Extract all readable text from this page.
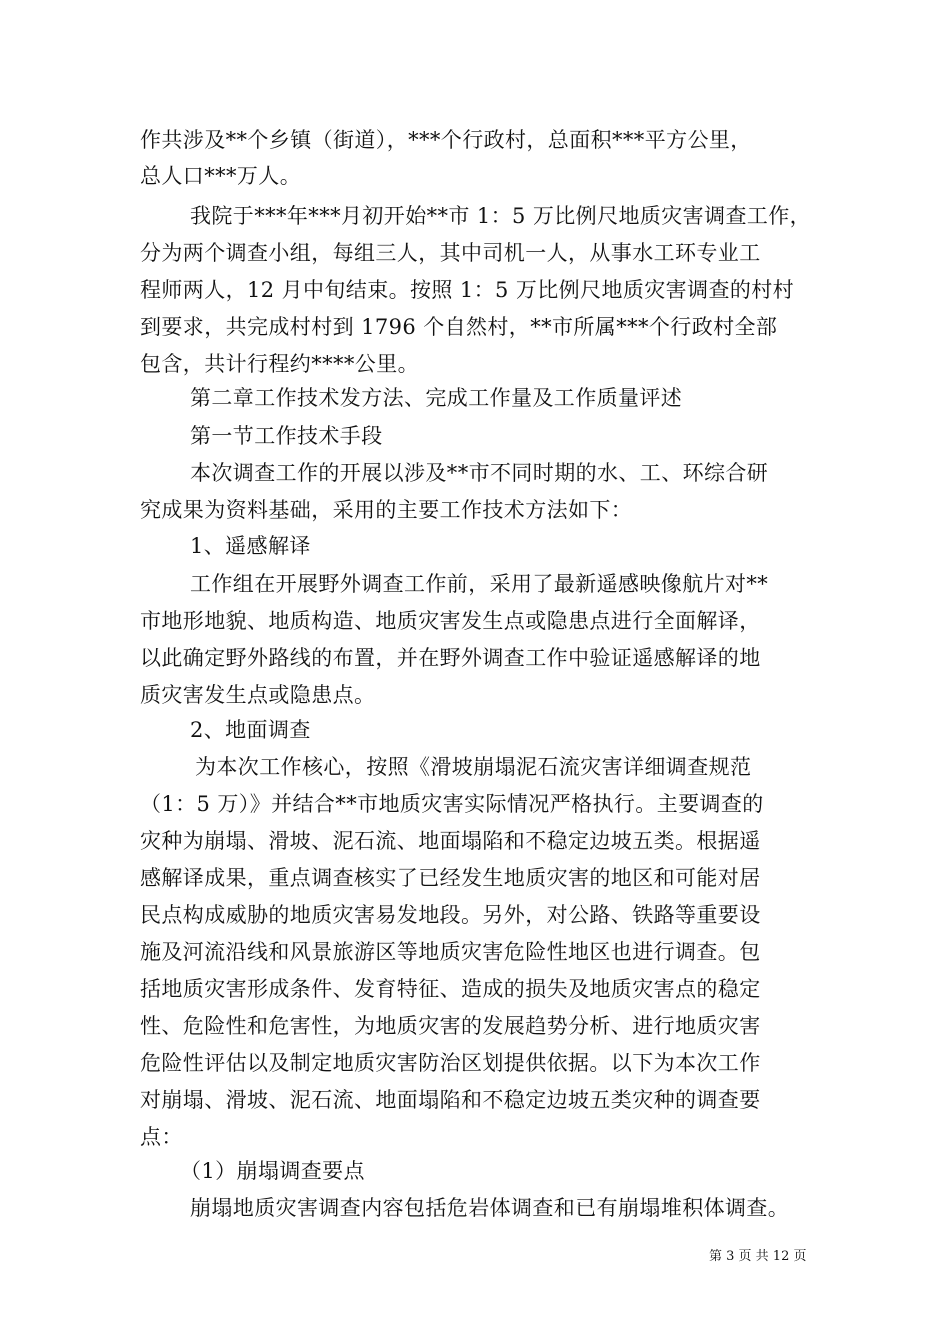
作共涉及**个乡镇（街道），***个行政村，总面积***平方公里，
总人口***万人。
我院于***年***月初开始**市 1：5 万比例尺地质灾害调查工作，
分为两个调查小组，每组三人，其中司机一人，从事水工环专业工
程师两人，12 月中旬结束。按照 1：5 万比例尺地质灾害调查的村村
到要求，共完成村村到 1796 个自然村，**市所属***个行政村全部
包含，共计行程约****公里。
第二章工作技术发方法、完成工作量及工作质量评述
第一节工作技术手段
本次调查工作的开展以涉及**市不同时期的水、工、环综合研
究成果为资料基础，采用的主要工作技术方法如下：
1、遥感解译
工作组在开展野外调查工作前，采用了最新遥感映像航片对**
市地形地貌、地质构造、地质灾害发生点或隐患点进行全面解译，
以此确定野外路线的布置，并在野外调查工作中验证遥感解译的地
质灾害发生点或隐患点。
2、地面调查
为本次工作核心，按照《滑坡崩塌泥石流灾害详细调查规范
（1：5 万）》并结合**市地质灾害实际情况严格执行。主要调查的
灾种为崩塌、滑坡、泥石流、地面塌陷和不稳定边坡五类。根据遥
感解译成果，重点调查核实了已经发生地质灾害的地区和可能对居
民点构成威胁的地质灾害易发地段。另外，对公路、铁路等重要设
施及河流沿线和风景旅游区等地质灾害危险性地区也进行调查。包
括地质灾害形成条件、发育特征、造成的损失及地质灾害点的稳定
性、危险性和危害性，为地质灾害的发展趋势分析、进行地质灾害
危险性评估以及制定地质灾害防治区划提供依据。以下为本次工作
对崩塌、滑坡、泥石流、地面塌陷和不稳定边坡五类灾种的调查要
点：
（1）崩塌调查要点
崩塌地质灾害调查内容包括危岩体调查和已有崩塌堆积体调查。
第 3 页 共 12 页
